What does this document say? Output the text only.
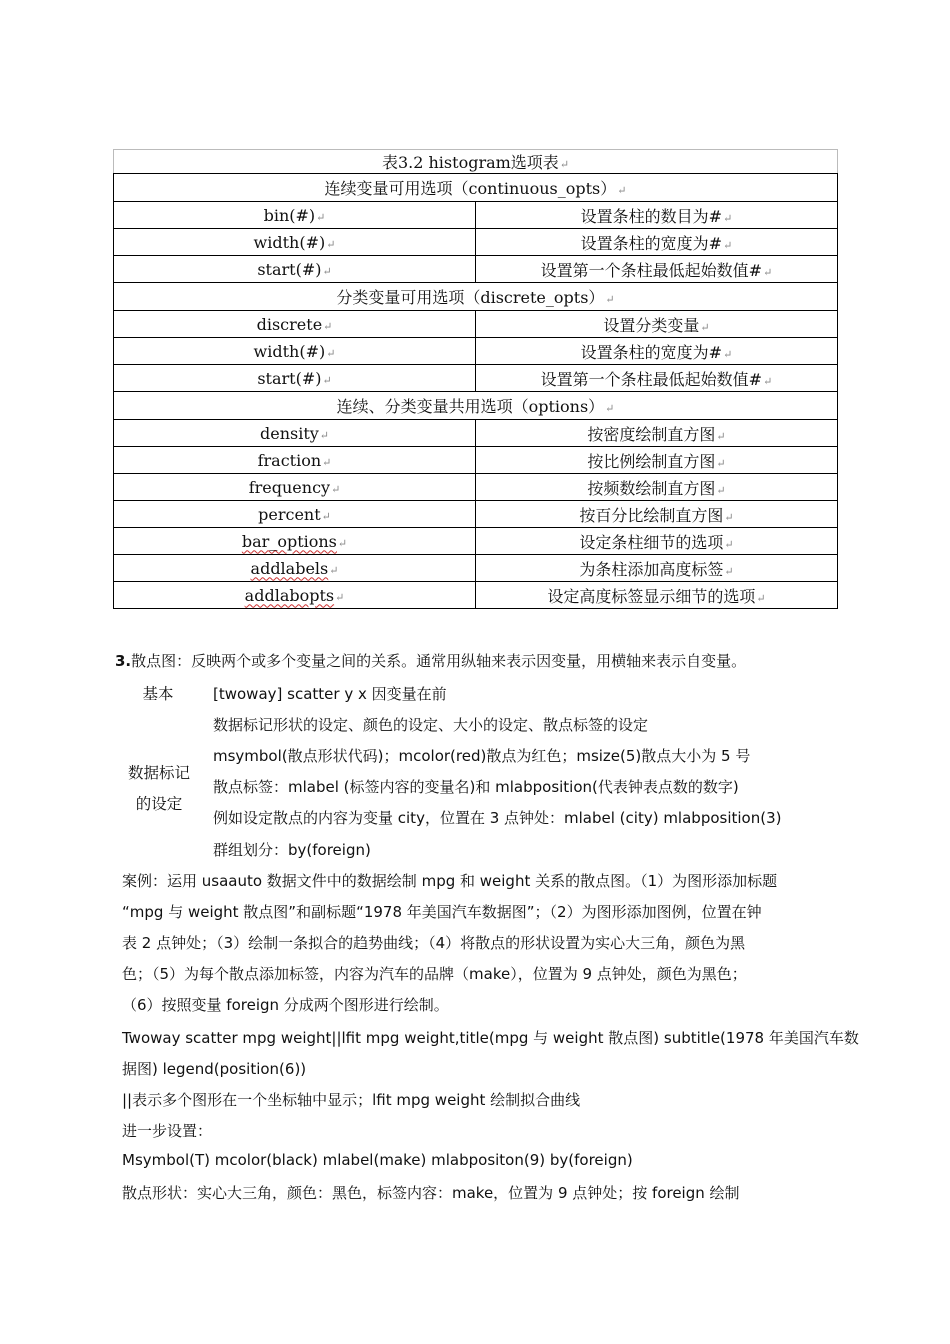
表3.2 histogram选项表↵	
连续变量可用选项（continuous_opts）↵	
bin(#)↵	设置条柱的数目为#↵
width(#)↵	设置条柱的宽度为#↵
start(#)↵	设置第一个条柱最低起始数值#↵
分类变量可用选项（discrete_opts）↵	
discrete↵	设置分类变量↵
width(#)↵	设置条柱的宽度为#↵
start(#)↵	设置第一个条柱最低起始数值#↵
连续、分类变量共用选项（options）↵	
density↵	按密度绘制直方图↵
fraction↵	按比例绘制直方图↵
frequency↵	按频数绘制直方图↵
percent↵	按百分比绘制直方图↵
bar_options↵	设定条柱细节的选项↵
addlabels↵	为条柱添加高度标签↵
addlabopts↵	设定高度标签显示细节的选项↵
3.散点图：反映两个或多个变量之间的关系。通常用纵轴来表示因变量，用横轴来表示自变量。
基本	[twoway] scatter y x 因变量在前
数据标记
的设定
数据标记形状的设定、颜色的设定、大小的设定、散点标签的设定
msymbol(散点形状代码)；mcolor(red)散点为红色；msize(5)散点大小为 5 号
散点标签：mlabel (标签内容的变量名)和 mlabposition(代表钟表点数的数字)
例如设定散点的内容为变量 city，位置在 3 点钟处：mlabel (city) mlabposition(3)
群组划分：by(foreign)
案例：运用 usaauto 数据文件中的数据绘制 mpg 和 weight 关系的散点图。（1）为图形添加标题
“mpg 与 weight 散点图”和副标题“1978 年美国汽车数据图”；（2）为图形添加图例，位置在钟
表 2 点钟处；（3）绘制一条拟合的趋势曲线；（4）将散点的形状设置为实心大三角，颜色为黑
色；（5）为每个散点添加标签，内容为汽车的品牌（make），位置为 9 点钟处，颜色为黑色；
（6）按照变量 foreign 分成两个图形进行绘制。
Twoway scatter mpg weight||lfit mpg weight,title(mpg 与 weight 散点图) subtitle(1978 年美国汽车数
据图) legend(position(6))
||表示多个图形在一个坐标轴中显示；lfit mpg weight 绘制拟合曲线
进一步设置：
Msymbol(T) mcolor(black) mlabel(make) mlabpositon(9) by(foreign)
散点形状：实心大三角，颜色：黑色，标签内容：make，位置为 9 点钟处；按 foreign 绘制
